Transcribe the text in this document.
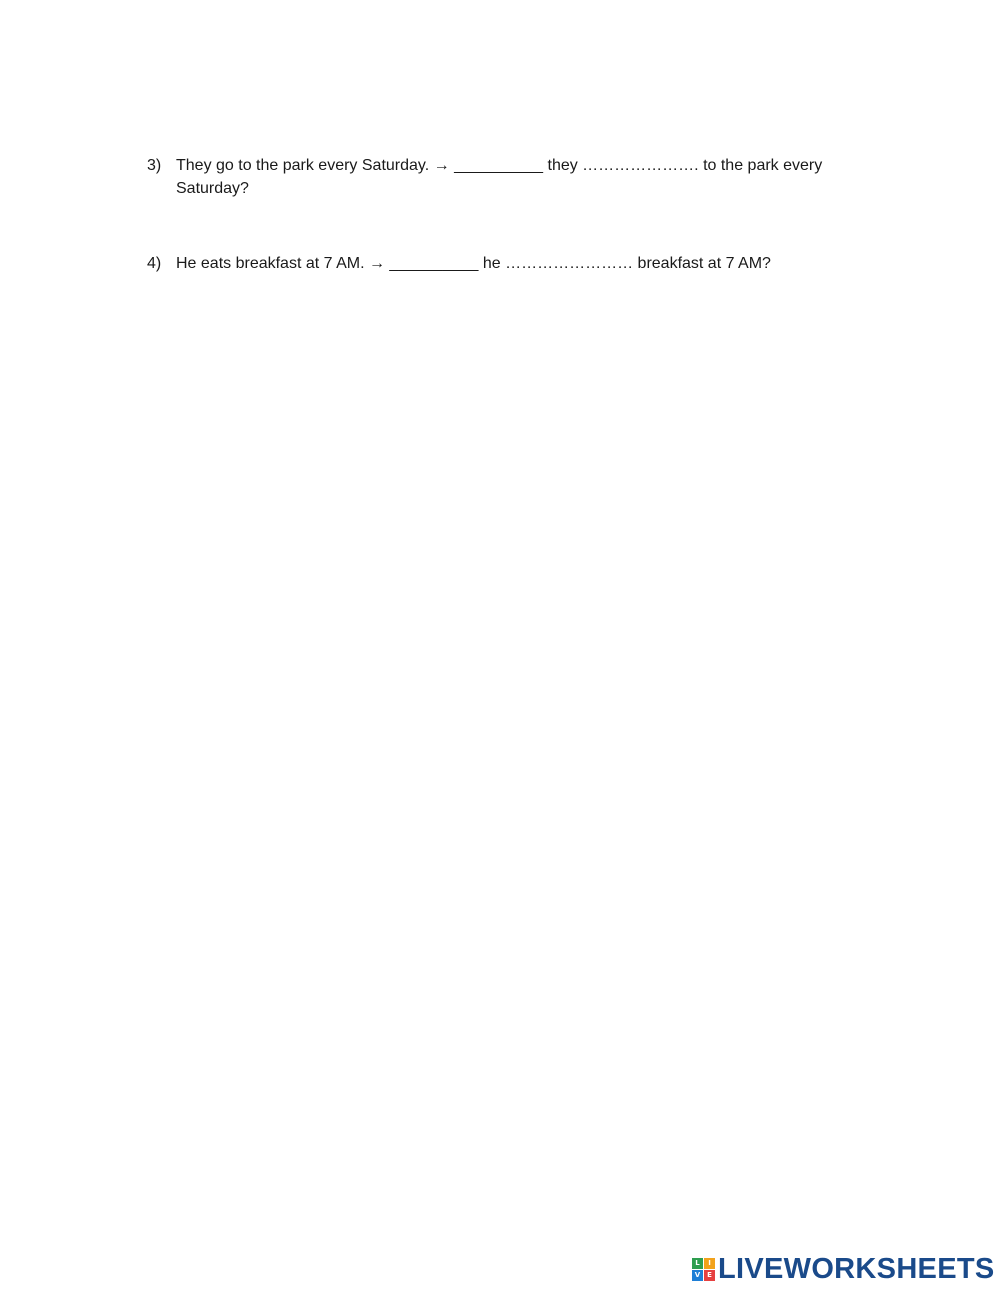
3) They go to the park every Saturday. → __________ they …………………. to the park every Saturday?
4) He eats breakfast at 7 AM. → __________ he …………………… breakfast at 7 AM?
L	I
V E LIVEWORKSHEETS
